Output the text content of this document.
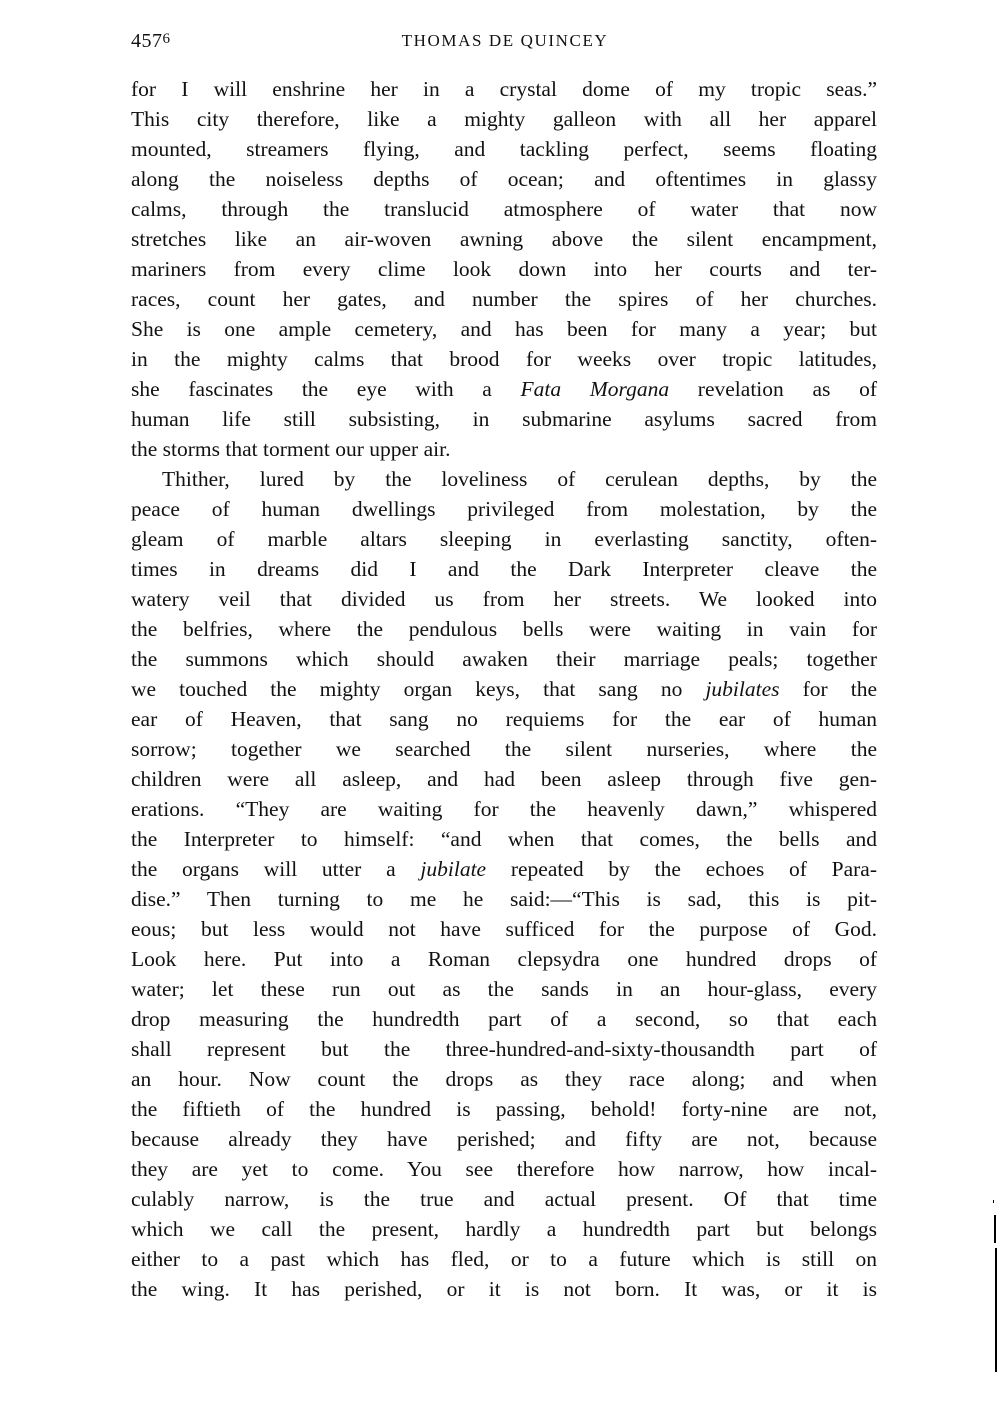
$457^6$	THOMAS DE QUINCEY
for I will enshrine her in a crystal dome of my tropic seas.”
This city therefore, like a mighty galleon with all her apparel
mounted, streamers flying, and tackling perfect, seems floating
along the noiseless depths of ocean; and oftentimes in glassy
calms, through the translucid atmosphere of water that now
stretches like an air-woven awning above the silent encampment,
mariners from every clime look down into her courts and ter-
races, count her gates, and number the spires of her churches.
She is one ample cemetery, and has been for many a year; but
in the mighty calms that brood for weeks over tropic latitudes,
she fascinates the eye with a Fata Morgana revelation as of
human life still subsisting, in submarine asylums sacred from
the storms that torment our upper air.
Thither, lured by the loveliness of cerulean depths, by the
peace of human dwellings privileged from molestation, by the
gleam of marble altars sleeping in everlasting sanctity, often-
times in dreams did I and the Dark Interpreter cleave the
watery veil that divided us from her streets. We looked into
the belfries, where the pendulous bells were waiting in vain for
the summons which should awaken their marriage peals; together
we touched the mighty organ keys, that sang no jubilates for the
ear of Heaven, that sang no requiems for the ear of human
sorrow; together we searched the silent nurseries, where the
children were all asleep, and had been asleep through five gen-
erations. “They are waiting for the heavenly dawn,” whispered
the Interpreter to himself: “and when that comes, the bells and
the organs will utter a jubilate repeated by the echoes of Para-
dise.” Then turning to me he said:—“This is sad, this is pit-
eous; but less would not have sufficed for the purpose of God.
Look here. Put into a Roman clepsydra one hundred drops of
water; let these run out as the sands in an hour-glass, every
drop measuring the hundredth part of a second, so that each
shall represent but the three-hundred-and-sixty-thousandth part of
an hour. Now count the drops as they race along; and when
the fiftieth of the hundred is passing, behold! forty-nine are not,
because already they have perished; and fifty are not, because
they are yet to come. You see therefore how narrow, how incal-
culably narrow, is the true and actual present. Of that time
which we call the present, hardly a hundredth part but belongs
either to a past which has fled, or to a future which is still on
the wing. It has perished, or it is not born. It was, or it is
